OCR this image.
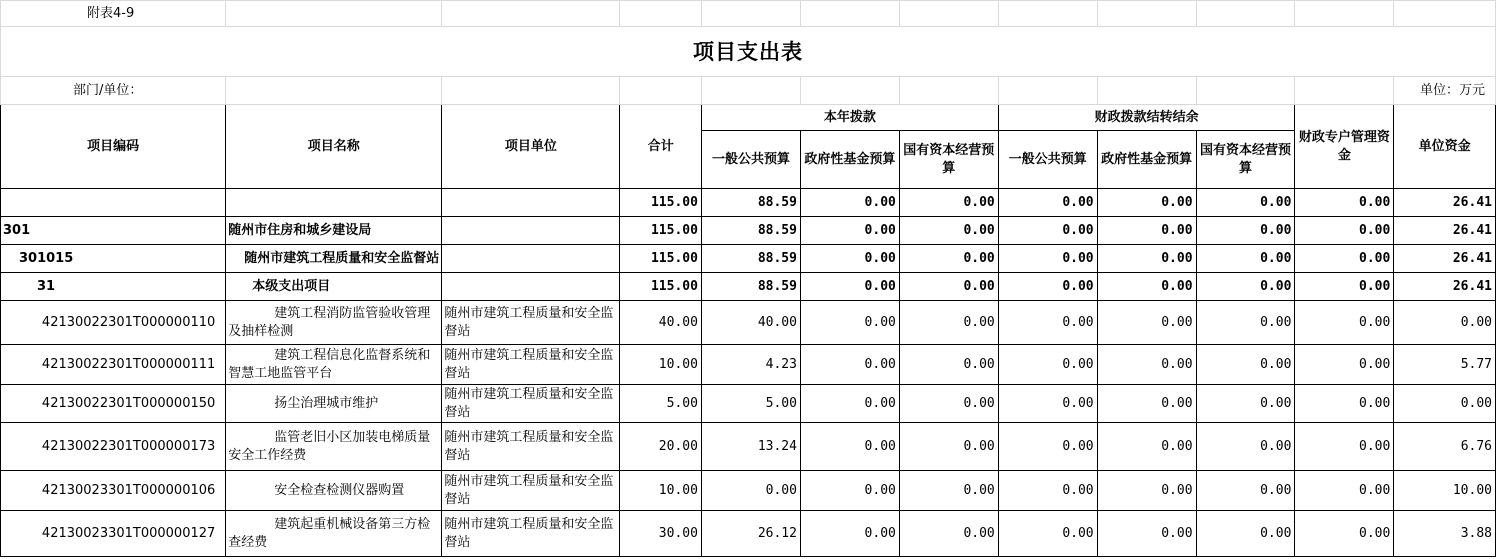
附表4-9											
项目支出表											
部门/单位：											单位：万元
项目编码	项目名称	项目单位	合计	本年拨款			财政拨款结转结余			财政专户管理资金	单位资金
				一般公共预算	政府性基金预算	国有资本经营预算	一般公共预算	政府性基金预算	国有资本经营预算		
			115.00	88.59	0.00	0.00	0.00	0.00	0.00	0.00	26.41
301	随州市住房和城乡建设局		115.00	88.59	0.00	0.00	0.00	0.00	0.00	0.00	26.41
301015	随州市建筑工程质量和安全监督站		115.00	88.59	0.00	0.00	0.00	0.00	0.00	0.00	26.41
31	本级支出项目		115.00	88.59	0.00	0.00	0.00	0.00	0.00	0.00	26.41
42130022301T000000110	建筑工程消防监管验收管理及抽样检测	随州市建筑工程质量和安全监督站	40.00	40.00	0.00	0.00	0.00	0.00	0.00	0.00	0.00
42130022301T000000111	建筑工程信息化监督系统和智慧工地监管平台	随州市建筑工程质量和安全监督站	10.00	4.23	0.00	0.00	0.00	0.00	0.00	0.00	5.77
42130022301T000000150	扬尘治理城市维护	随州市建筑工程质量和安全监督站	5.00	5.00	0.00	0.00	0.00	0.00	0.00	0.00	0.00
42130022301T000000173	监管老旧小区加装电梯质量安全工作经费	随州市建筑工程质量和安全监督站	20.00	13.24	0.00	0.00	0.00	0.00	0.00	0.00	6.76
42130023301T000000106	安全检查检测仪器购置	随州市建筑工程质量和安全监督站	10.00	0.00	0.00	0.00	0.00	0.00	0.00	0.00	10.00
42130023301T000000127	建筑起重机械设备第三方检查经费	随州市建筑工程质量和安全监督站	30.00	26.12	0.00	0.00	0.00	0.00	0.00	0.00	3.88
